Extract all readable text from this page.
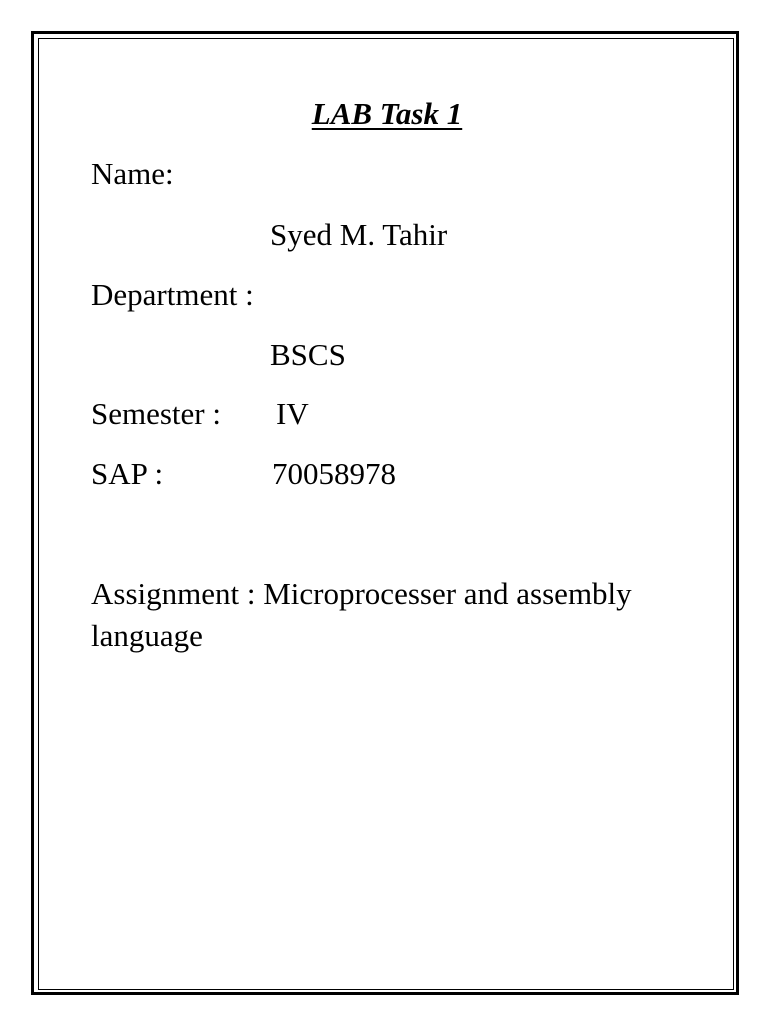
LAB Task 1
Name:
Syed M. Tahir
Department :
BSCS
Semester : IV
SAP :	70058978
Assignment : Microprocesser and assembly
language
